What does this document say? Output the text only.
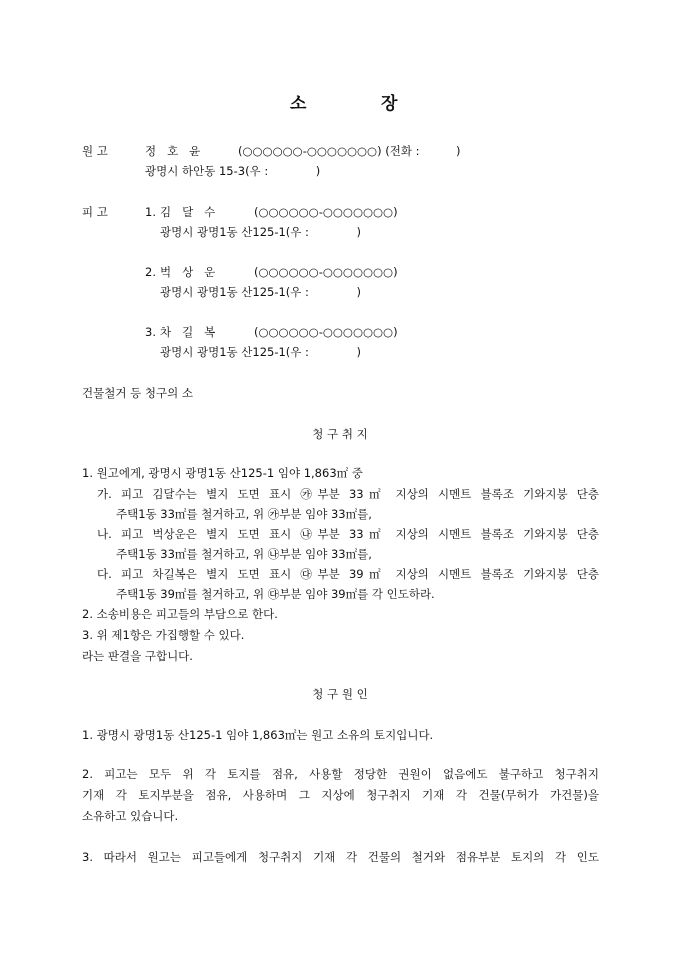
소	장
원 고	정   호   윤	(○○○○○○-○○○○○○○) (전화 :          )
광명시 하안동 15-3(우 :             )
피 고	1. 김   달   수	(○○○○○○-○○○○○○○)
광명시 광명1동 산125-1(우 :             )
2. 벅   상   운	(○○○○○○-○○○○○○○)
광명시 광명1동 산125-1(우 :             )
3. 차   길   복	(○○○○○○-○○○○○○○)
광명시 광명1동 산125-1(우 :             )
건물철거 등 청구의 소
청 구 취 지
1. 원고에게, 광명시 광명1동 산125-1 임야 1,863㎡ 중
가. 피고 김달수는 별지 도면 표시 ㉮부분 33㎡ 지상의 시멘트 블록조 기와지붕 단층
주택1동 33㎡를 철거하고, 위 ㉮부분 임야 33㎡를,
나. 피고 벅상운은 별지 도면 표시 ㉯부분 33㎡ 지상의 시멘트 블록조 기와지붕 단층
주택1동 33㎡를 철거하고, 위 ㉯부분 임야 33㎡를,
다. 피고 차길복은 별지 도면 표시 ㉰부분 39㎡ 지상의 시멘트 블록조 기와지붕 단층
주택1동 39㎡를 철거하고, 위 ㉰부분 임야 39㎡를 각 인도하라.
2. 소송비용은 피고들의 부담으로 한다.
3. 위 제1항은 가집행할 수 있다.
라는 판결을 구합니다.
청 구 원 인
1. 광명시 광명1동 산125-1 임야 1,863㎡는 원고 소유의 토지입니다.
2. 피고는 모두 위 각 토지를 점유, 사용할 정당한 권원이 없음에도 불구하고 청구취지
기재 각 토지부분을 점유, 사용하며 그 지상에 청구취지 기재 각 건물(무허가 가건물)을
소유하고 있습니다.
3. 따라서 원고는 피고들에게 청구취지 기재 각 건물의 철거와 점유부분 토지의 각 인도
